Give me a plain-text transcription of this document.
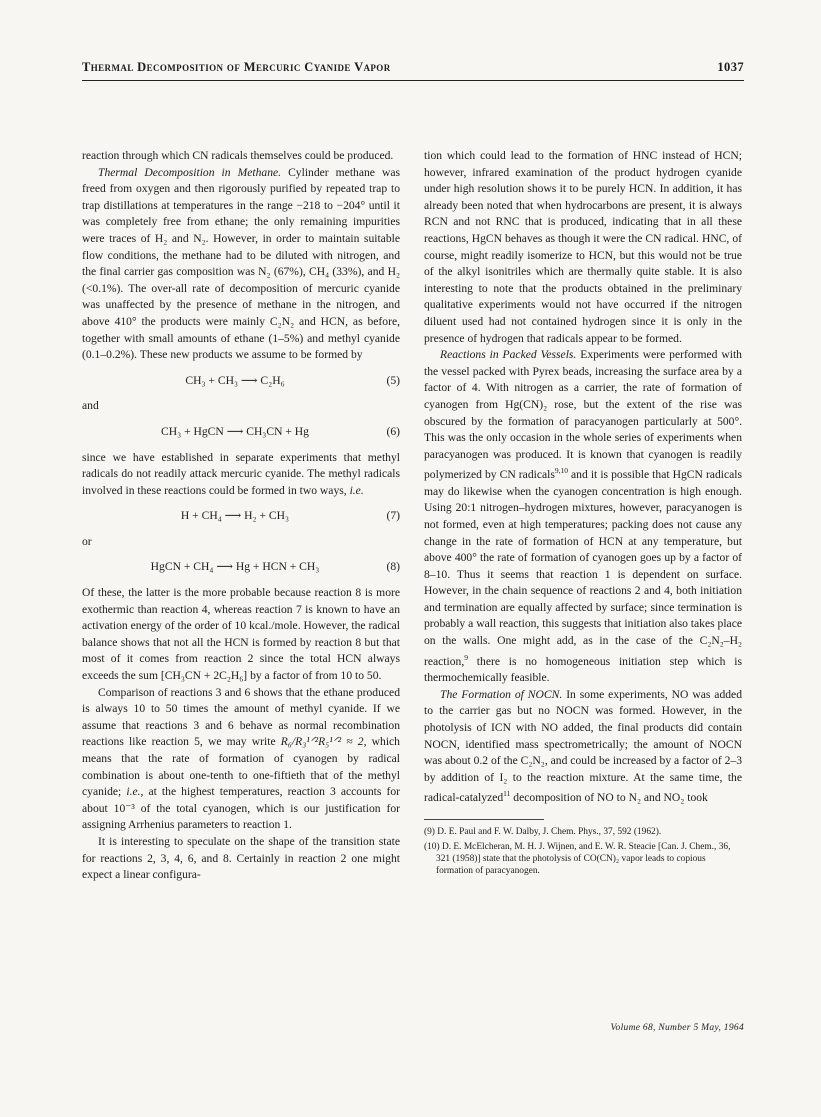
Thermal Decomposition of Mercuric Cyanide Vapor	1037

reaction through which CN radicals themselves could be produced.

Thermal Decomposition in Methane. Cylinder methane was freed from oxygen and then rigorously purified by repeated trap to trap distillations at temperatures in the range −218 to −204° until it was completely free from ethane; the only remaining impurities were traces of H₂ and N₂. However, in order to maintain suitable flow conditions, the methane had to be diluted with nitrogen, and the final carrier gas composition was N₂ (67%), CH₄ (33%), and H₂ (<0.1%). The over-all rate of decomposition of mercuric cyanide was unaffected by the presence of methane in the nitrogen, and above 410° the products were mainly C₂N₂ and HCN, as before, together with small amounts of ethane (1–5%) and methyl cyanide (0.1–0.2%). These new products we assume to be formed by

CH₃ + CH₃ ⟶ C₂H₆	(5)

and

CH₃ + HgCN ⟶ CH₃CN + Hg	(6)

since we have established in separate experiments that methyl radicals do not readily attack mercuric cyanide. The methyl radicals involved in these reactions could be formed in two ways, i.e.

H + CH₄ ⟶ H₂ + CH₃	(7)

or

HgCN + CH₄ ⟶ Hg + HCN + CH₃	(8)

Of these, the latter is the more probable because reaction 8 is more exothermic than reaction 4, whereas reaction 7 is known to have an activation energy of the order of 10 kcal./mole. However, the radical balance shows that not all the HCN is formed by reaction 8 but that most of it comes from reaction 2 since the total HCN always exceeds the sum [CH₃CN + 2C₂H₆] by a factor of from 10 to 50.

Comparison of reactions 3 and 6 shows that the ethane produced is always 10 to 50 times the amount of methyl cyanide. If we assume that reactions 3 and 6 behave as normal recombination reactions like reaction 5, we may write R₆/R₃¹ᐟ²R₅¹ᐟ² ≈ 2, which means that the rate of formation of cyanogen by radical combination is about one-tenth to one-fiftieth that of the methyl cyanide; i.e., at the highest temperatures, reaction 3 accounts for about 10⁻³ of the total cyanogen, which is our justification for assigning Arrhenius parameters to reaction 1.

It is interesting to speculate on the shape of the transition state for reactions 2, 3, 4, 6, and 8. Certainly in reaction 2 one might expect a linear configura-

tion which could lead to the formation of HNC instead of HCN; however, infrared examination of the product hydrogen cyanide under high resolution shows it to be purely HCN. In addition, it has already been noted that when hydrocarbons are present, it is always RCN and not RNC that is produced, indicating that in all these reactions, HgCN behaves as though it were the CN radical. HNC, of course, might readily isomerize to HCN, but this would not be true of the alkyl isonitriles which are thermally quite stable. It is also interesting to note that the products obtained in the preliminary qualitative experiments would not have occurred if the nitrogen diluent used had not contained hydrogen since it is only in the presence of hydrogen that radicals appear to be formed.

Reactions in Packed Vessels. Experiments were performed with the vessel packed with Pyrex beads, increasing the surface area by a factor of 4. With nitrogen as a carrier, the rate of formation of cyanogen from Hg(CN)₂ rose, but the extent of the rise was obscured by the formation of paracyanogen particularly at 500°. This was the only occasion in the whole series of experiments when paracyanogen was produced. It is known that cyanogen is readily polymerized by CN radicals$^{9,10}$ and it is possible that HgCN radicals may do likewise when the cyanogen concentration is high enough. Using 20:1 nitrogen–hydrogen mixtures, however, paracyanogen is not formed, even at high temperatures; packing does not cause any change in the rate of formation of HCN at any temperature, but above 400° the rate of formation of cyanogen goes up by a factor of 8–10. Thus it seems that reaction 1 is dependent on surface. However, in the chain sequence of reactions 2 and 4, both initiation and termination are equally affected by surface; since termination is probably a wall reaction, this suggests that initiation also takes place on the walls. One might add, as in the case of the C₂N₂–H₂ reaction,$^9$ there is no homogeneous initiation step which is thermochemically feasible.

The Formation of NOCN. In some experiments, NO was added to the carrier gas but no NOCN was formed. However, in the photolysis of ICN with NO added, the final products did contain NOCN, identified mass spectrometrically; the amount of NOCN was about 0.2 of the C₂N₂, and could be increased by a factor of 2–3 by addition of I₂ to the reaction mixture. At the same time, the radical-catalyzed$^{11}$ decomposition of NO to N₂ and NO₂ took

(9) D. E. Paul and F. W. Dalby, J. Chem. Phys., 37, 592 (1962).

(10) D. E. McElcheran, M. H. J. Wijnen, and E. W. R. Steacie [Can. J. Chem., 36, 321 (1958)] state that the photolysis of CO(CN)₂ vapor leads to copious formation of paracyanogen.

Volume 68, Number 5 May, 1964
